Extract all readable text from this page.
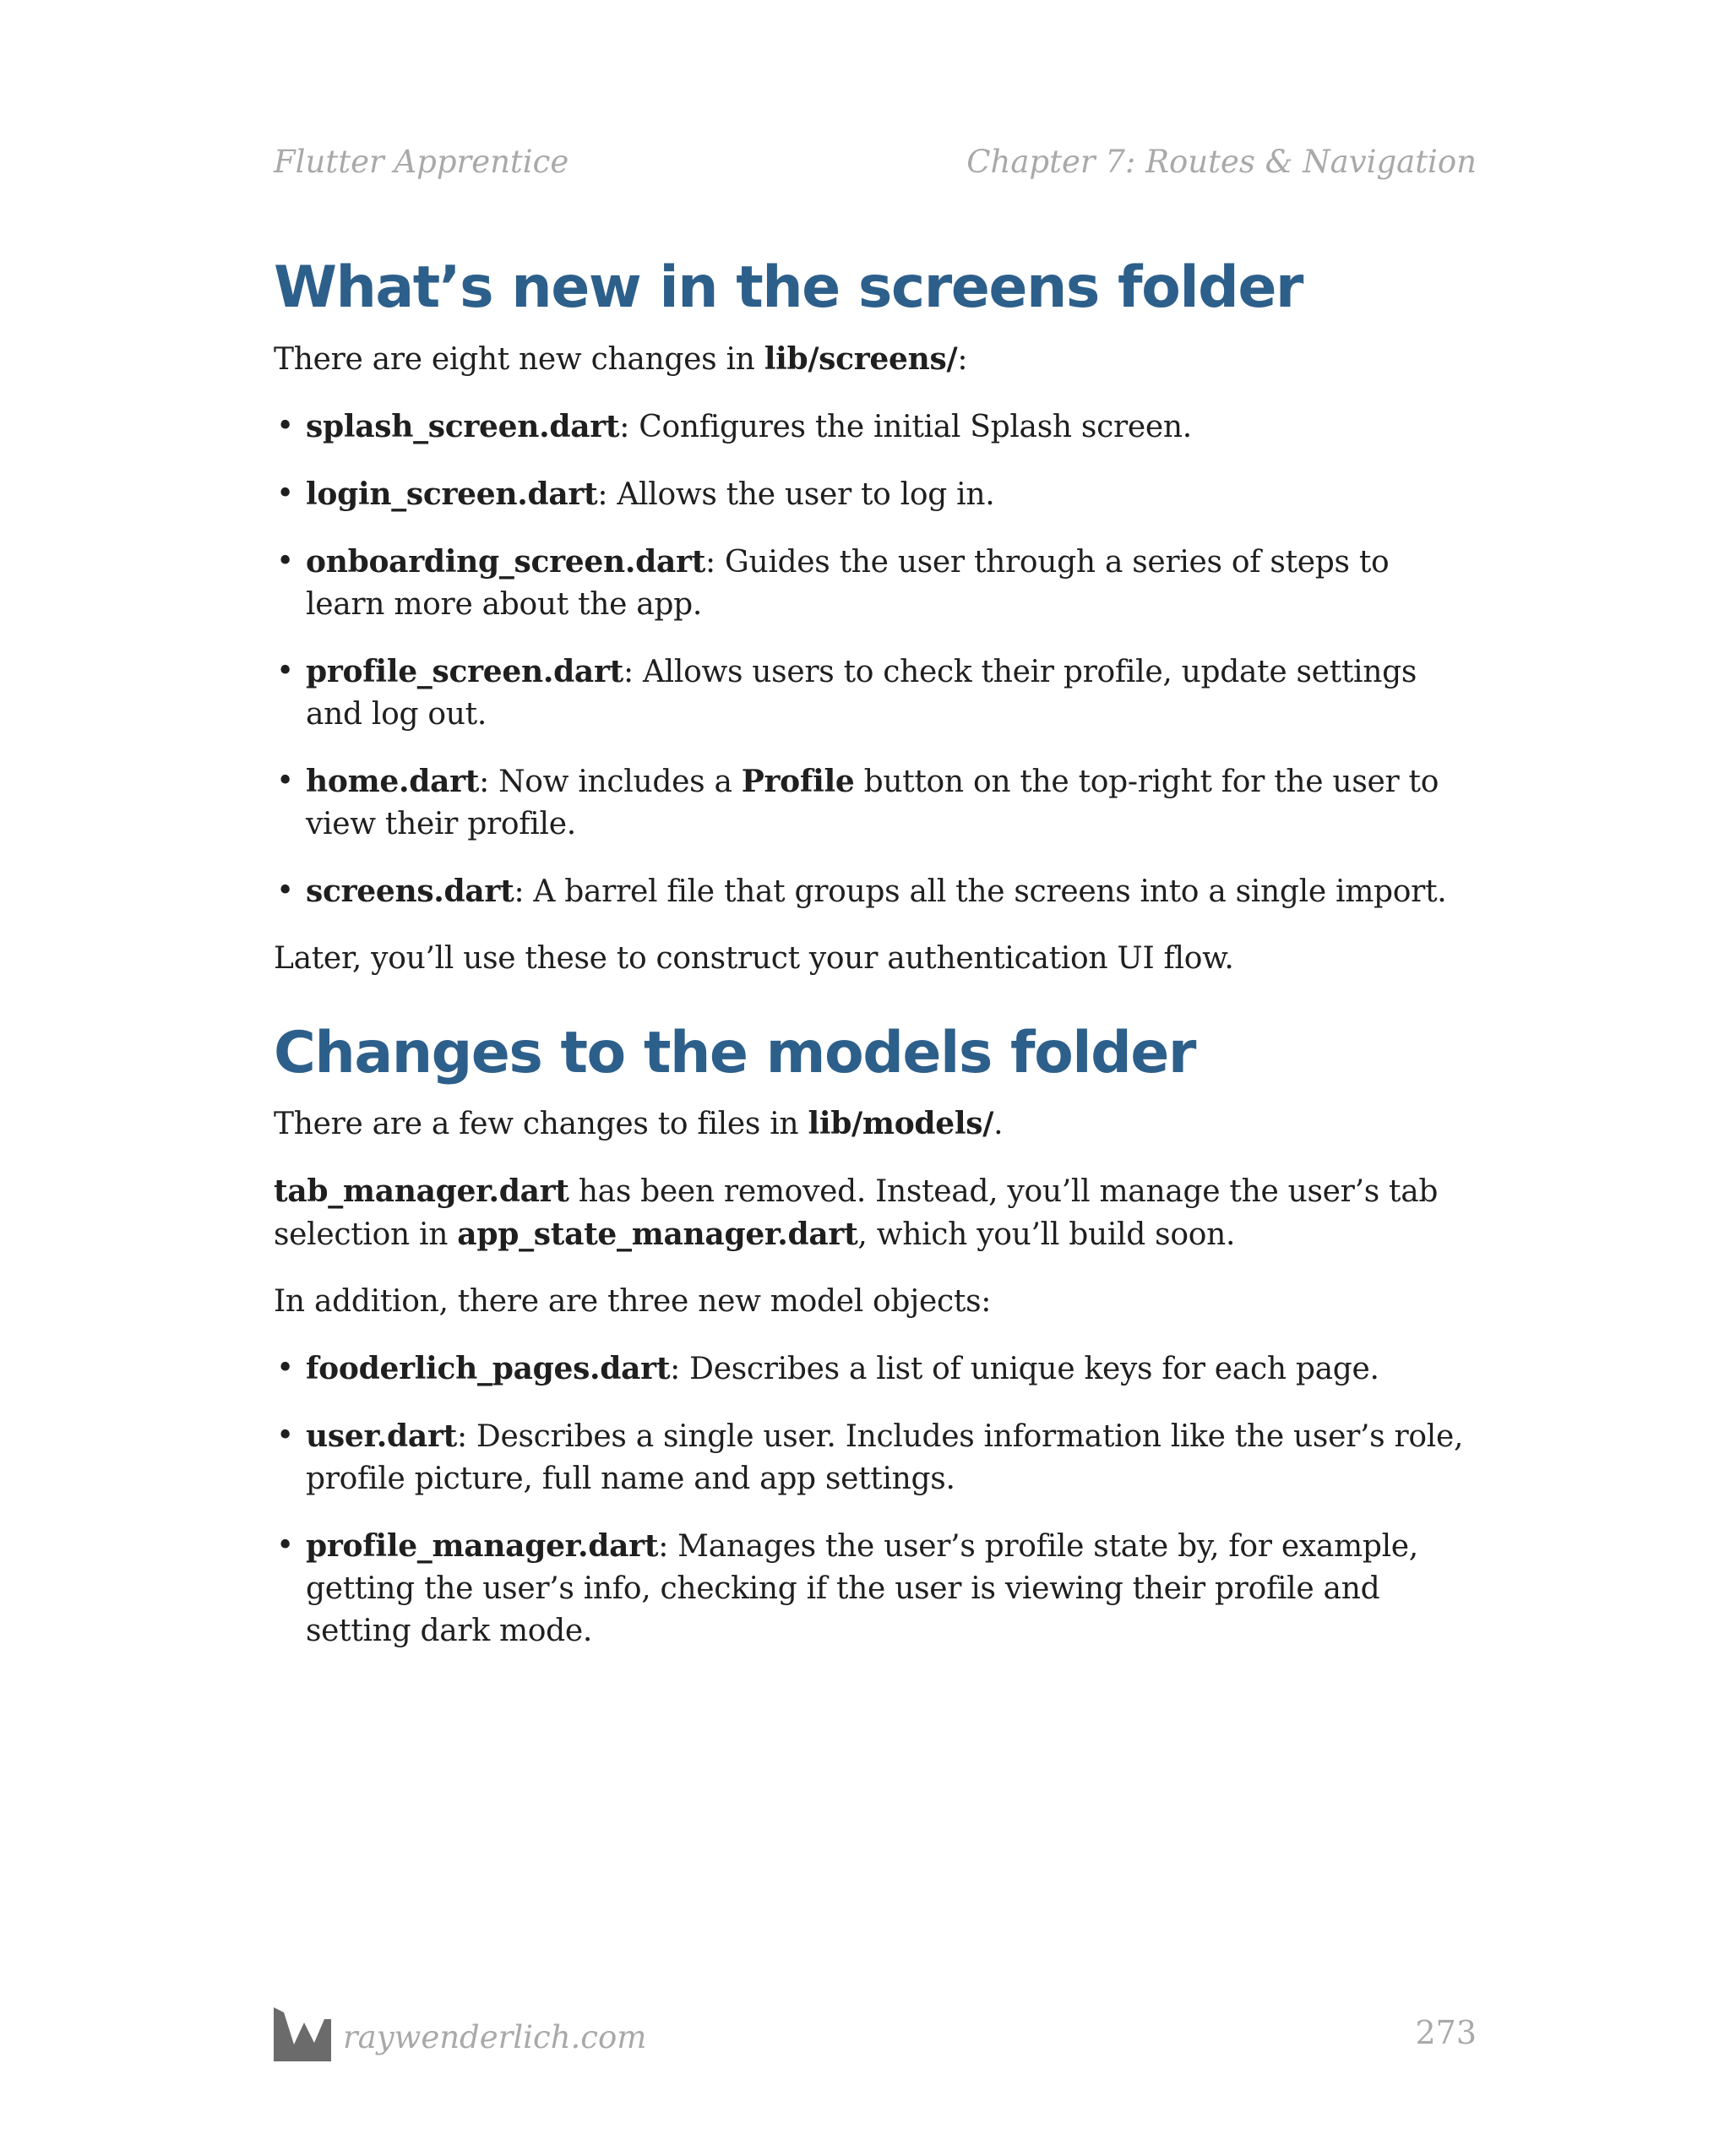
Flutter Apprentice	Chapter 7: Routes & Navigation
What’s new in the screens folder

There are eight new changes in lib/screens/:

• splash_screen.dart: Configures the initial Splash screen.
• login_screen.dart: Allows the user to log in.
• onboarding_screen.dart: Guides the user through a series of steps to learn more about the app.
• profile_screen.dart: Allows users to check their profile, update settings and log out.
• home.dart: Now includes a Profile button on the top-right for the user to view their profile.
• screens.dart: A barrel file that groups all the screens into a single import.

Later, you’ll use these to construct your authentication UI flow.

Changes to the models folder

There are a few changes to files in lib/models/.

tab_manager.dart has been removed. Instead, you’ll manage the user’s tab selection in app_state_manager.dart, which you’ll build soon.

In addition, there are three new model objects:

• fooderlich_pages.dart: Describes a list of unique keys for each page.
• user.dart: Describes a single user. Includes information like the user’s role, profile picture, full name and app settings.
• profile_manager.dart: Manages the user’s profile state by, for example, getting the user’s info, checking if the user is viewing their profile and setting dark mode.
raywenderlich.com	273
